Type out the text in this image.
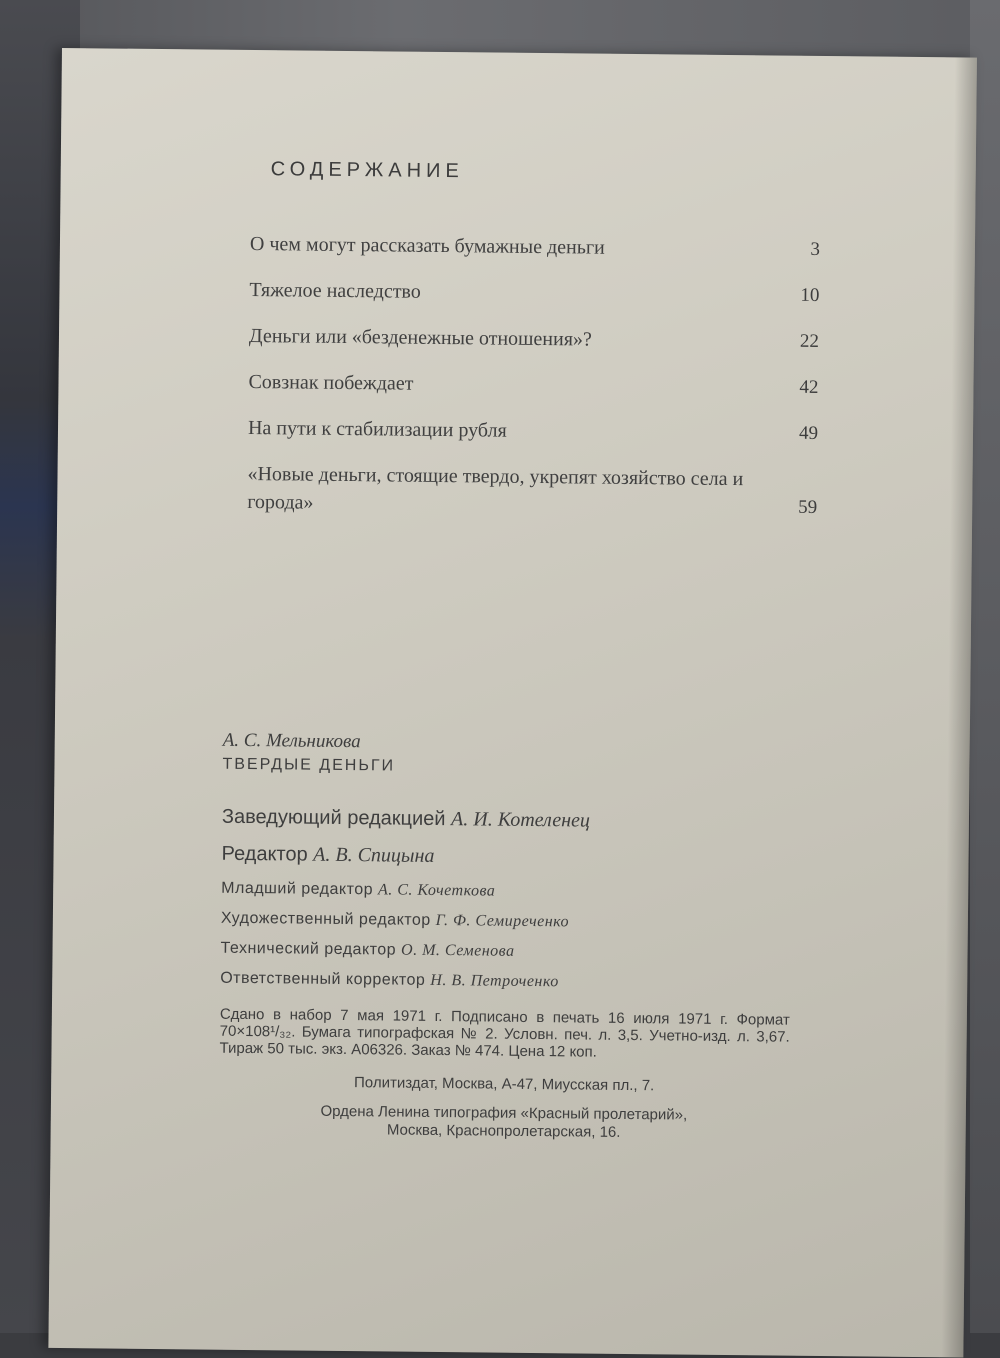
СОДЕРЖАНИЕ
О чем могут рассказать бумажные деньги	3
Тяжелое наследство	10
Деньги или «безденежные отношения»?	22
Совзнак побеждает	42
На пути к стабилизации рубля	49
«Новые деньги, стоящие твердо, укрепят хозяйство села и города»	59

А. С. Мельникова

ТВЕРДЫЕ ДЕНЬГИ

Заведующий редакцией А. И. Котеленец

Редактор А. В. Спицына

Младший редактор А. С. Кочеткова

Художественный редактор Г. Ф. Семиреченко

Технический редактор О. М. Семенова

Ответственный корректор Н. В. Петроченко

Сдано в набор 7 мая 1971 г. Подписано в печать 16 июля 1971 г. Формат 70×108¹/₃₂. Бумага типографская № 2. Условн. печ. л. 3,5. Учетно-изд. л. 3,67. Тираж 50 тыс. экз. А06326. Заказ № 474. Цена 12 коп.

Политиздат, Москва, А-47, Миусская пл., 7.

Ордена Ленина типография «Красный пролетарий»,
Москва, Краснопролетарская, 16.
